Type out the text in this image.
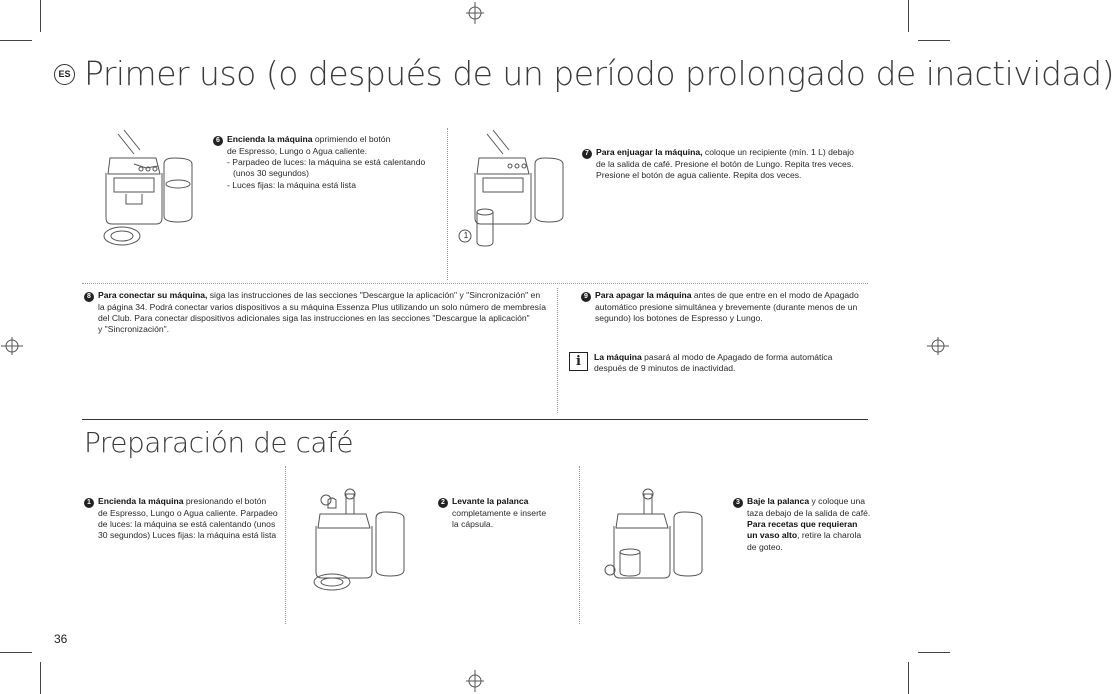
ES Primer uso (o después de un período prolongado de inactividad)
6 Encienda la máquina oprimiendo el botón
de Espresso, Lungo o Agua caliente.
- Parpadeo de luces: la máquina se está calentando
(unos 30 segundos)
- Luces fijas: la máquina está lista
1
7 Para enjuagar la máquina, coloque un recipiente (mín. 1 L) debajo
de la salida de café. Presione el botón de Lungo. Repita tres veces.
Presione el botón de agua caliente. Repita dos veces.
8 Para conectar su máquina, siga las instrucciones de las secciones "Descargue la aplicación" y "Sincronización" en
la página 34. Podrá conectar varios dispositivos a su máquina Essenza Plus utilizando un solo número de membresía
del Club. Para conectar dispositivos adicionales siga las instrucciones en las secciones "Descargue la aplicación"
y "Sincronización".
9 Para apagar la máquina antes de que entre en el modo de Apagado
automático presione simultánea y brevemente (durante menos de un
segundo) los botones de Espresso y Lungo.
i	La máquina pasará al modo de Apagado de forma automática
después de 9 minutos de inactividad.
Preparación de café
1 Encienda la máquina presionando el botón
de Espresso, Lungo o Agua caliente. Parpadeo
de luces: la máquina se está calentando (unos
30 segundos) Luces fijas: la máquina está lista
2 Levante la palanca
completamente e inserte
la cápsula.
3 Baje la palanca y coloque una
taza debajo de la salida de café.
Para recetas que requieran
un vaso alto, retire la charola
de goteo.
36
